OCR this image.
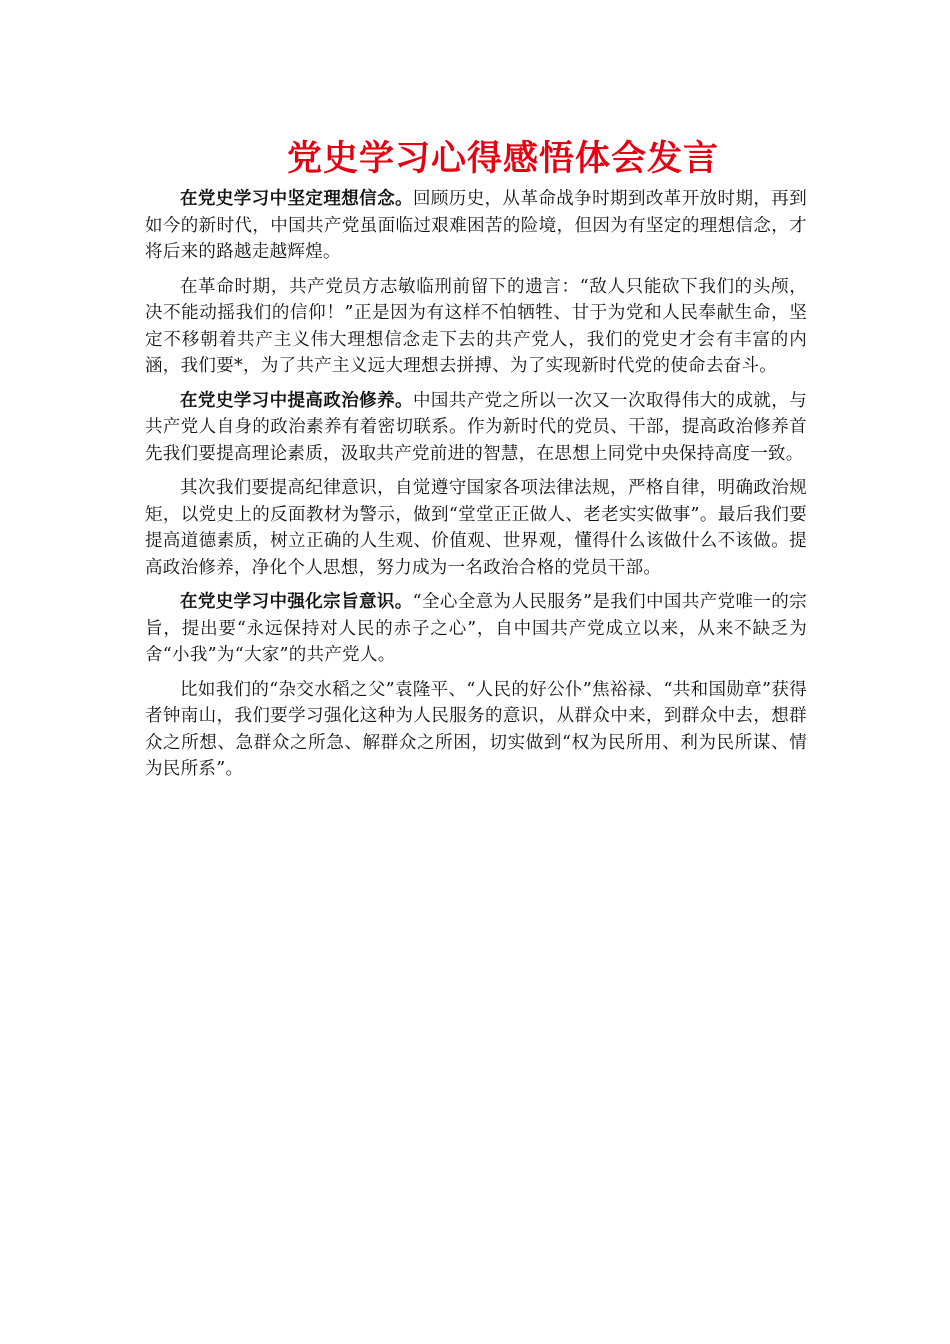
党史学习心得感悟体会发言

在党史学习中坚定理想信念。回顾历史，从革命战争时期到改革开放时期，再到如今的新时代，中国共产党虽面临过艰难困苦的险境，但因为有坚定的理想信念，才将后来的路越走越辉煌。

在革命时期，共产党员方志敏临刑前留下的遗言：“敌人只能砍下我们的头颅，决不能动摇我们的信仰！”正是因为有这样不怕牺牲、甘于为党和人民奉献生命，坚定不移朝着共产主义伟大理想信念走下去的共产党人，我们的党史才会有丰富的内涵，我们要*，为了共产主义远大理想去拼搏、为了实现新时代党的使命去奋斗。

在党史学习中提高政治修养。中国共产党之所以一次又一次取得伟大的成就，与共产党人自身的政治素养有着密切联系。作为新时代的党员、干部，提高政治修养首先我们要提高理论素质，汲取共产党前进的智慧，在思想上同党中央保持高度一致。

其次我们要提高纪律意识，自觉遵守国家各项法律法规，严格自律，明确政治规矩，以党史上的反面教材为警示，做到“堂堂正正做人、老老实实做事”。最后我们要提高道德素质，树立正确的人生观、价值观、世界观，懂得什么该做什么不该做。提高政治修养，净化个人思想，努力成为一名政治合格的党员干部。

在党史学习中强化宗旨意识。“全心全意为人民服务”是我们中国共产党唯一的宗旨，提出要“永远保持对人民的赤子之心”，自中国共产党成立以来，从来不缺乏为舍“小我”为“大家”的共产党人。

比如我们的“杂交水稻之父”袁隆平、“人民的好公仆”焦裕禄、“共和国勋章”获得者钟南山，我们要学习强化这种为人民服务的意识，从群众中来，到群众中去，想群众之所想、急群众之所急、解群众之所困，切实做到“权为民所用、利为民所谋、情为民所系”。
